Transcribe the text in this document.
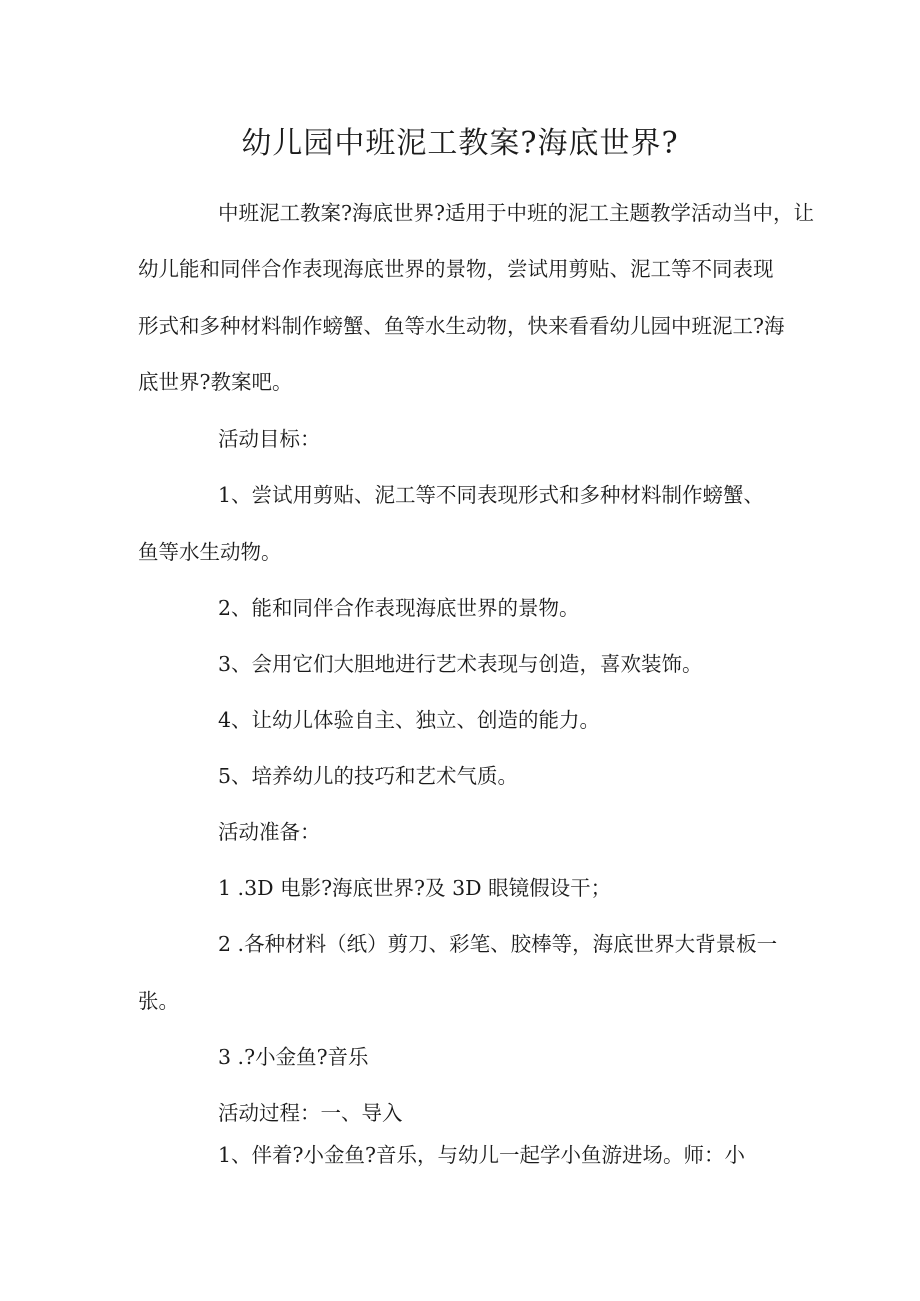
幼儿园中班泥工教案?海底世界?
中班泥工教案?海底世界?适用于中班的泥工主题教学活动当中，让
幼儿能和同伴合作表现海底世界的景物，尝试用剪贴、泥工等不同表现
形式和多种材料制作螃蟹、鱼等水生动物，快来看看幼儿园中班泥工?海
底世界?教案吧。
活动目标：
1、尝试用剪贴、泥工等不同表现形式和多种材料制作螃蟹、
鱼等水生动物。
2、能和同伴合作表现海底世界的景物。
3、会用它们大胆地进行艺术表现与创造，喜欢装饰。
4、让幼儿体验自主、独立、创造的能力。
5、培养幼儿的技巧和艺术气质。
活动准备：
1 .3D 电影?海底世界?及 3D 眼镜假设干；
2 .各种材料（纸）剪刀、彩笔、胶棒等，海底世界大背景板一
张。
3 .?小金鱼?音乐
活动过程：一、导入
1、伴着?小金鱼?音乐，与幼儿一起学小鱼游进场。师：小
